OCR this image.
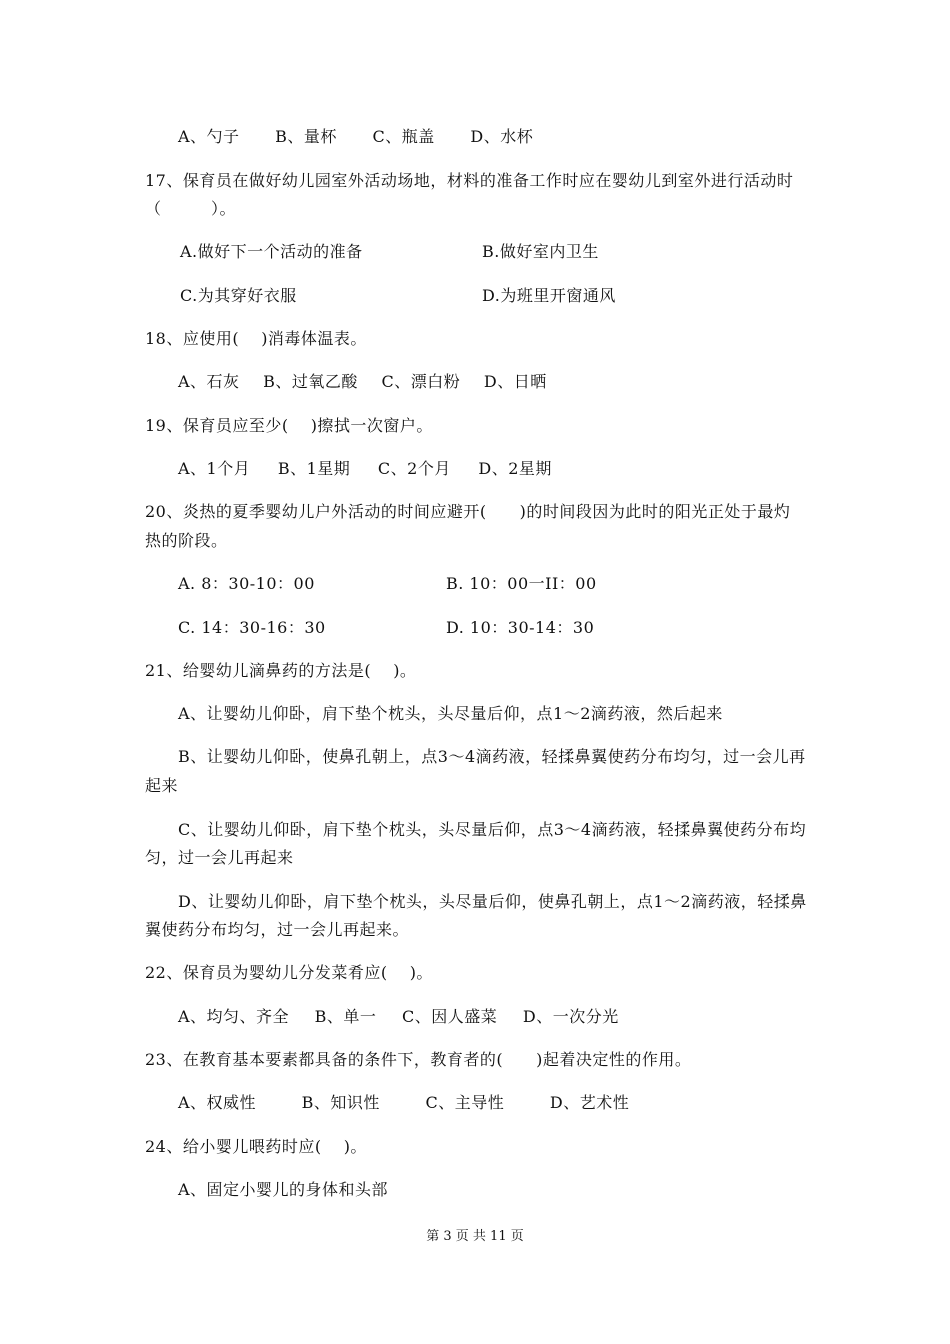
A、勺子 B、量杯 C、瓶盖 D、水杯
17、保育员在做好幼儿园室外活动场地，材料的准备工作时应在婴幼儿到室外进行活动时
（　　　）。
A.做好下一个活动的准备	B.做好室内卫生
C.为其穿好衣服	D.为班里开窗通风
18、应使用(　 )消毒体温表。
A、石灰 B、过氧乙酸 C、漂白粉 D、日晒
19、保育员应至少(　 )擦拭一次窗户。
A、1个月 B、1星期 C、2个月 D、2星期
20、炎热的夏季婴幼儿户外活动的时间应避开(　　)的时间段因为此时的阳光正处于最灼
热的阶段。
A. 8：30-10：00	B. 10：00一II：00
C. 14：30-16：30	D. 10：30-14：30
21、给婴幼儿滴鼻药的方法是(　 )。
A、让婴幼儿仰卧，肩下垫个枕头，头尽量后仰，点1～2滴药液，然后起来
B、让婴幼儿仰卧，使鼻孔朝上，点3～4滴药液，轻揉鼻翼使药分布均匀，过一会儿再
起来
C、让婴幼儿仰卧，肩下垫个枕头，头尽量后仰，点3～4滴药液，轻揉鼻翼使药分布均
匀，过一会儿再起来
D、让婴幼儿仰卧，肩下垫个枕头，头尽量后仰，使鼻孔朝上，点1～2滴药液，轻揉鼻
翼使药分布均匀，过一会儿再起来。
22、保育员为婴幼儿分发菜肴应(　 )。
A、均匀、齐全 B、单一 C、因人盛菜 D、一次分光
23、在教育基本要素都具备的条件下，教育者的(　　)起着决定性的作用。
A、权威性	B、知识性	C、主导性	D、艺术性
24、给小婴儿喂药时应(　 )。
A、固定小婴儿的身体和头部
第 3 页 共 11 页
